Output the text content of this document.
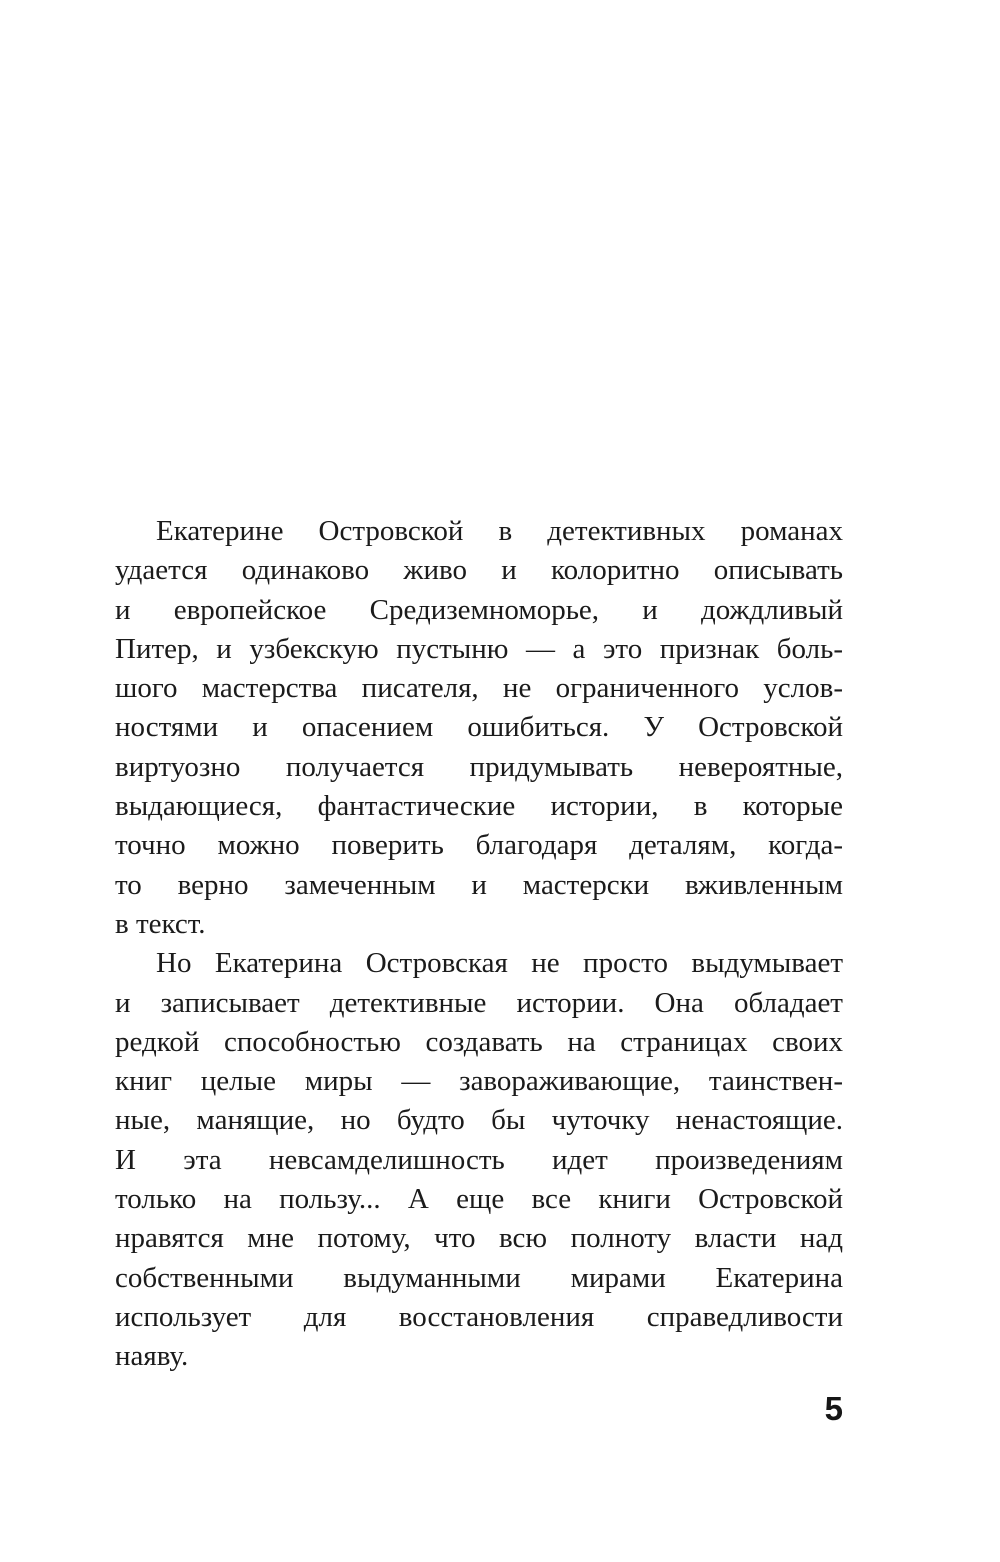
Екатерине Островской в детективных романах
удается одинаково живо и колоритно описывать
и европейское Средиземноморье, и дождливый
Питер, и узбекскую пустыню — а это признак боль-
шого мастерства писателя, не ограниченного услов-
ностями и опасением ошибиться. У Островской
виртуозно получается придумывать невероятные,
выдающиеся, фантастические истории, в которые
точно можно поверить благодаря деталям, когда-
то верно замеченным и мастерски вживленным
в текст.
Но Екатерина Островская не просто выдумывает
и записывает детективные истории. Она обладает
редкой способностью создавать на страницах своих
книг целые миры — завораживающие, таинствен-
ные, манящие, но будто бы чуточку ненастоящие.
И эта невсамделишность идет произведениям
только на пользу... А еще все книги Островской
нравятся мне потому, что всю полноту власти над
собственными выдуманными мирами Екатерина
использует для восстановления справедливости
наяву.
5
